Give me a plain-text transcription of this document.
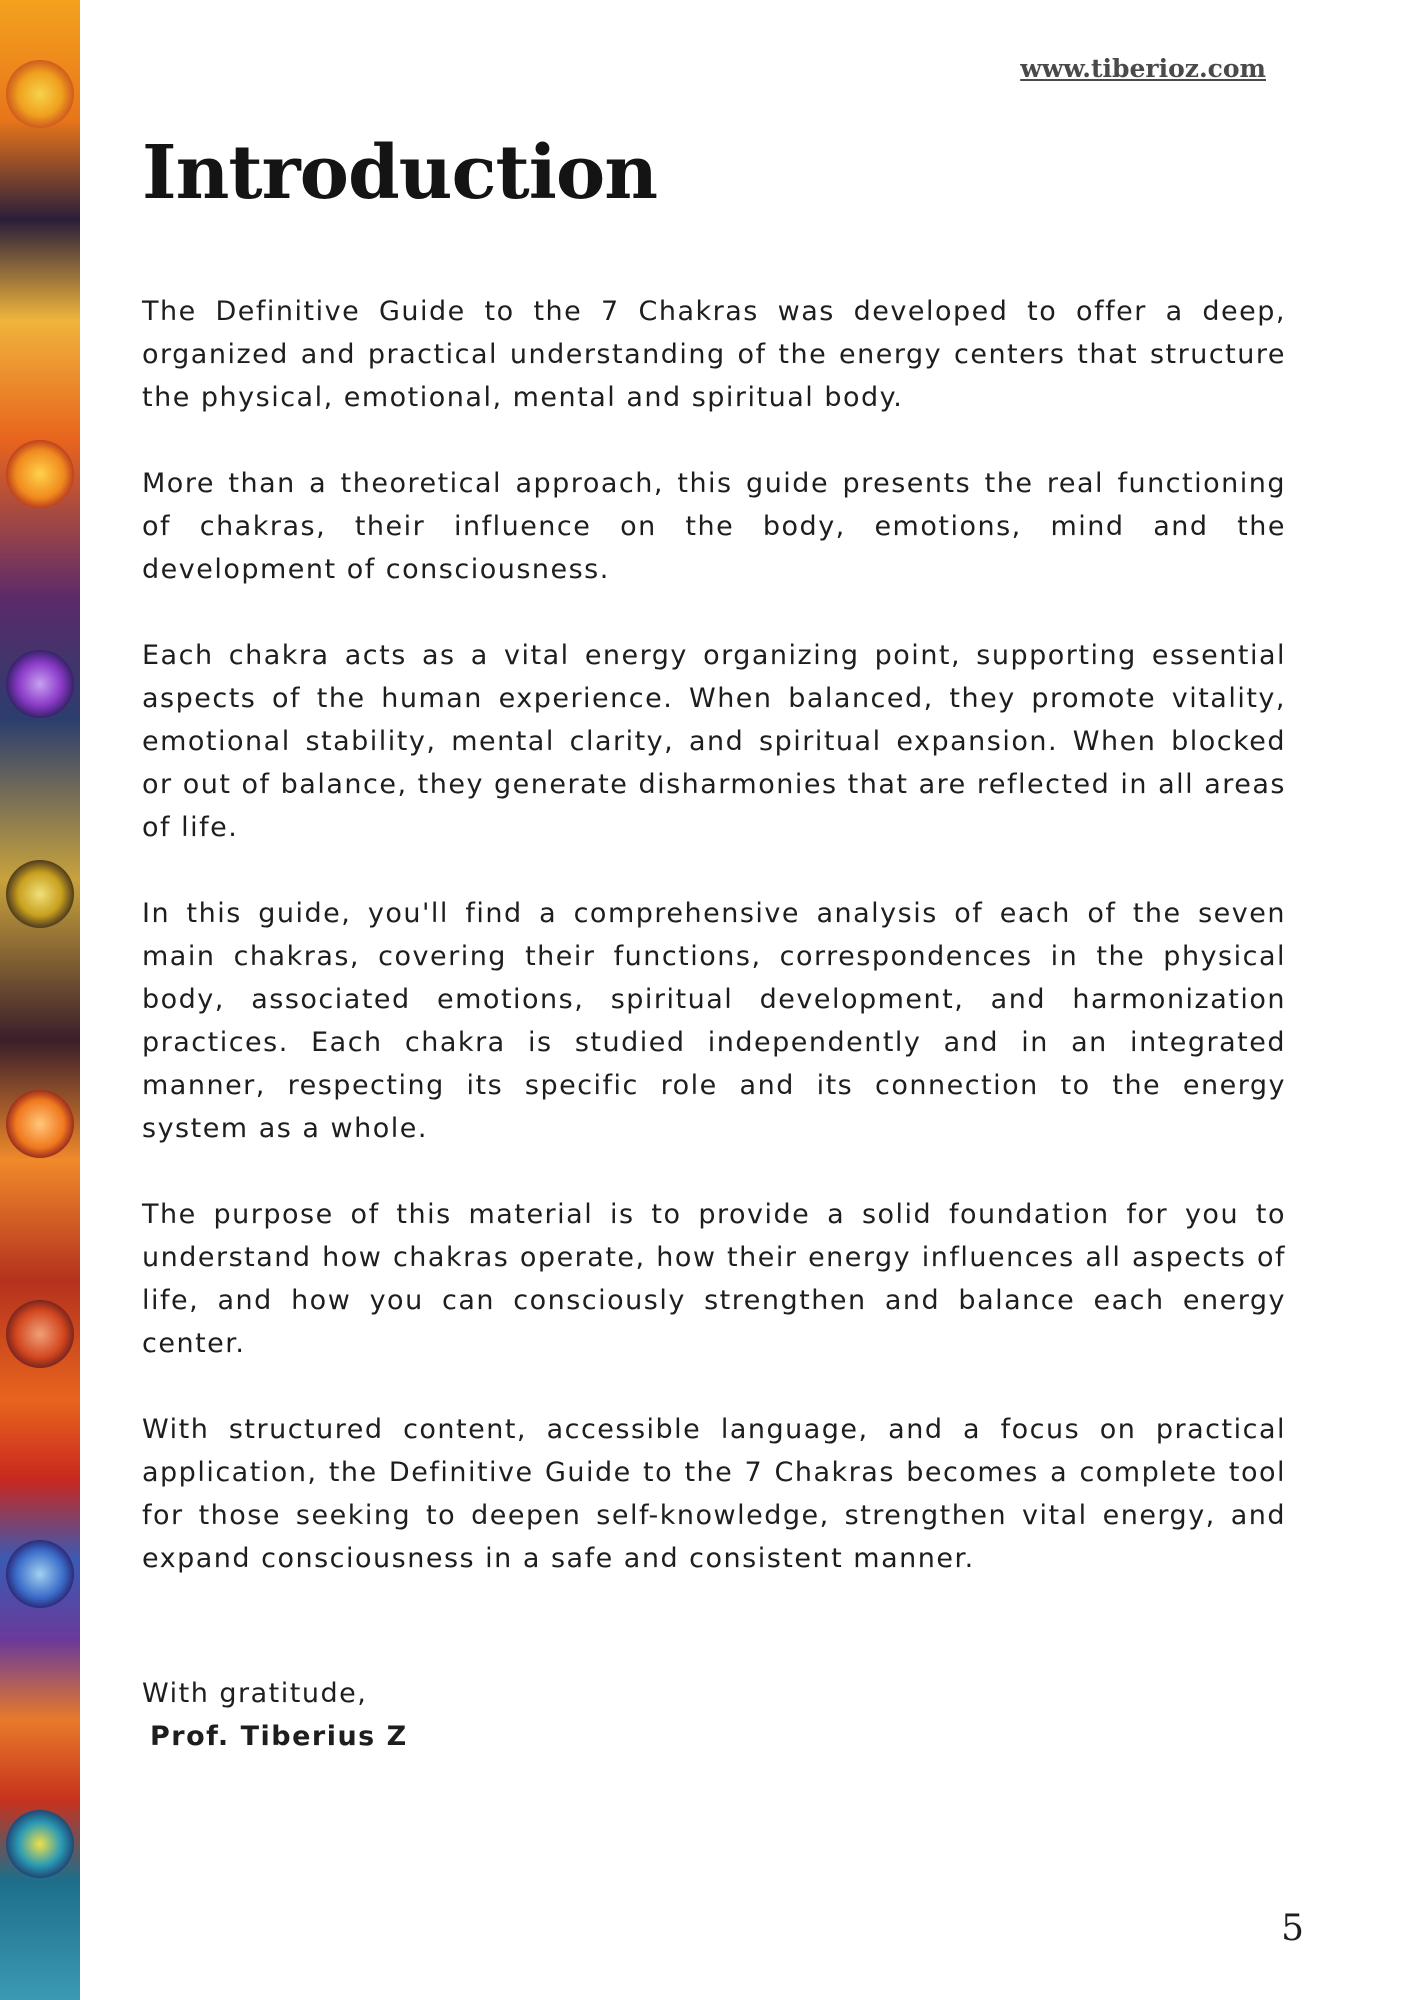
www.tiberioz.com
Introduction

The Definitive Guide to the 7 Chakras was developed to offer a deep, organized and practical understanding of the energy centers that structure the physical, emotional, mental and spiritual body.

More than a theoretical approach, this guide presents the real functioning of chakras, their influence on the body, emotions, mind and the development of consciousness.

Each chakra acts as a vital energy organizing point, supporting essential aspects of the human experience. When balanced, they promote vitality, emotional stability, mental clarity, and spiritual expansion. When blocked or out of balance, they generate disharmonies that are reflected in all areas of life.

In this guide, you'll find a comprehensive analysis of each of the seven main chakras, covering their functions, correspondences in the physical body, associated emotions, spiritual development, and harmonization practices. Each chakra is studied independently and in an integrated manner, respecting its specific role and its connection to the energy system as a whole.

The purpose of this material is to provide a solid foundation for you to understand how chakras operate, how their energy influences all aspects of life, and how you can consciously strengthen and balance each energy center.

With structured content, accessible language, and a focus on practical application, the Definitive Guide to the 7 Chakras becomes a complete tool for those seeking to deepen self-knowledge, strengthen vital energy, and expand consciousness in a safe and consistent manner.

With gratitude,
Prof. Tiberius Z
5
